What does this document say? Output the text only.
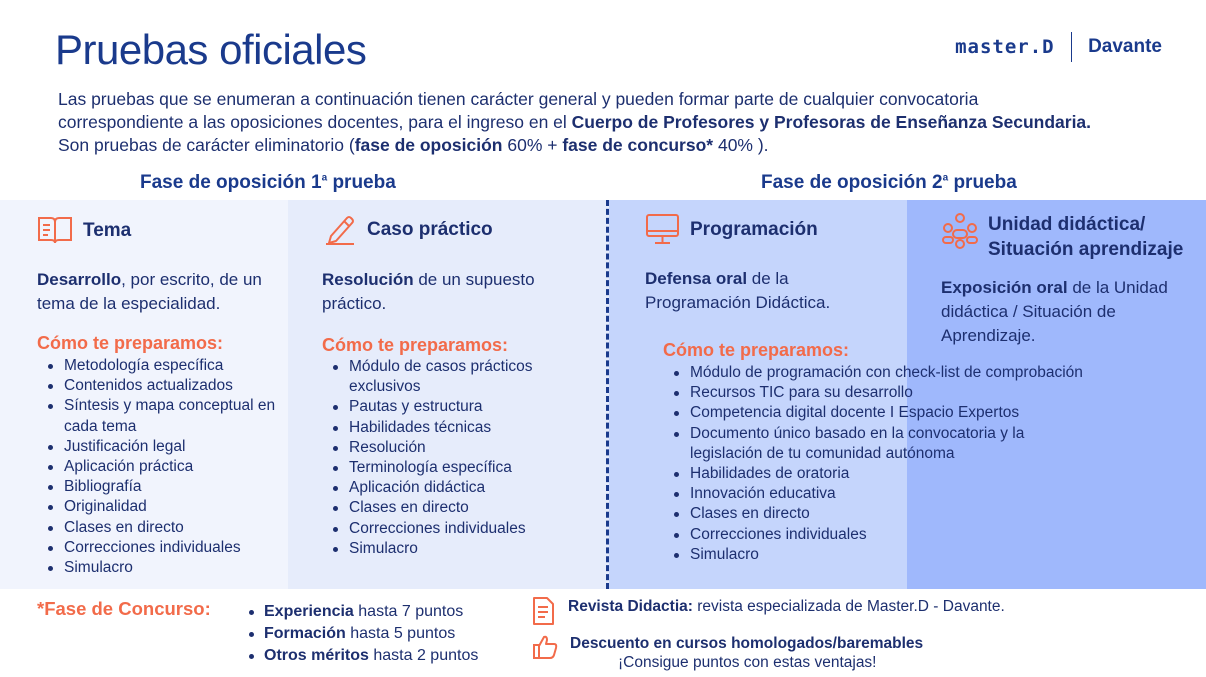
Pruebas oficiales	master.D Davante
Las pruebas que se enumeran a continuación tienen carácter general y pueden formar parte de cualquier convocatoria
correspondiente a las oposiciones docentes, para el ingreso en el Cuerpo de Profesores y Profesoras de Enseñanza Secundaria.
Son pruebas de carácter eliminatorio (fase de oposición 60% + fase de concurso* 40% ).
Fase de oposición 1$^a$ prueba	Fase de oposición 2$^a$ prueba
Tema
Desarrollo, por escrito, de un tema de la especialidad.
Cómo te preparamos:
Metodología específica
Contenidos actualizados
Síntesis y mapa conceptual en cada tema
Justificación legal
Aplicación práctica
Bibliografía
Originalidad
Clases en directo
Correcciones individuales
Simulacro
Caso práctico
Resolución de un supuesto práctico.
Cómo te preparamos:
Módulo de casos prácticos exclusivos
Pautas y estructura
Habilidades técnicas
Resolución
Terminología específica
Aplicación didáctica
Clases en directo
Correcciones individuales
Simulacro
Programación
Defensa oral de la Programación Didáctica.
Cómo te preparamos:
Módulo de programación con check-list de comprobación
Recursos TIC para su desarrollo
Competencia digital docente I Espacio Expertos
Documento único basado en la convocatoria y la legislación de tu comunidad autónoma
Habilidades de oratoria
Innovación educativa
Clases en directo
Correcciones individuales
Simulacro
Unidad didáctica/
Situación aprendizaje
Exposición oral de la Unidad didáctica / Situación de Aprendizaje.
*Fase de Concurso:	Experiencia hasta 7 puntos
Formación hasta 5 puntos
Otros méritos hasta 2 puntos
Revista Didactia: revista especializada de Master.D - Davante.
Descuento en cursos homologados/baremables
¡Consigue puntos con estas ventajas!
